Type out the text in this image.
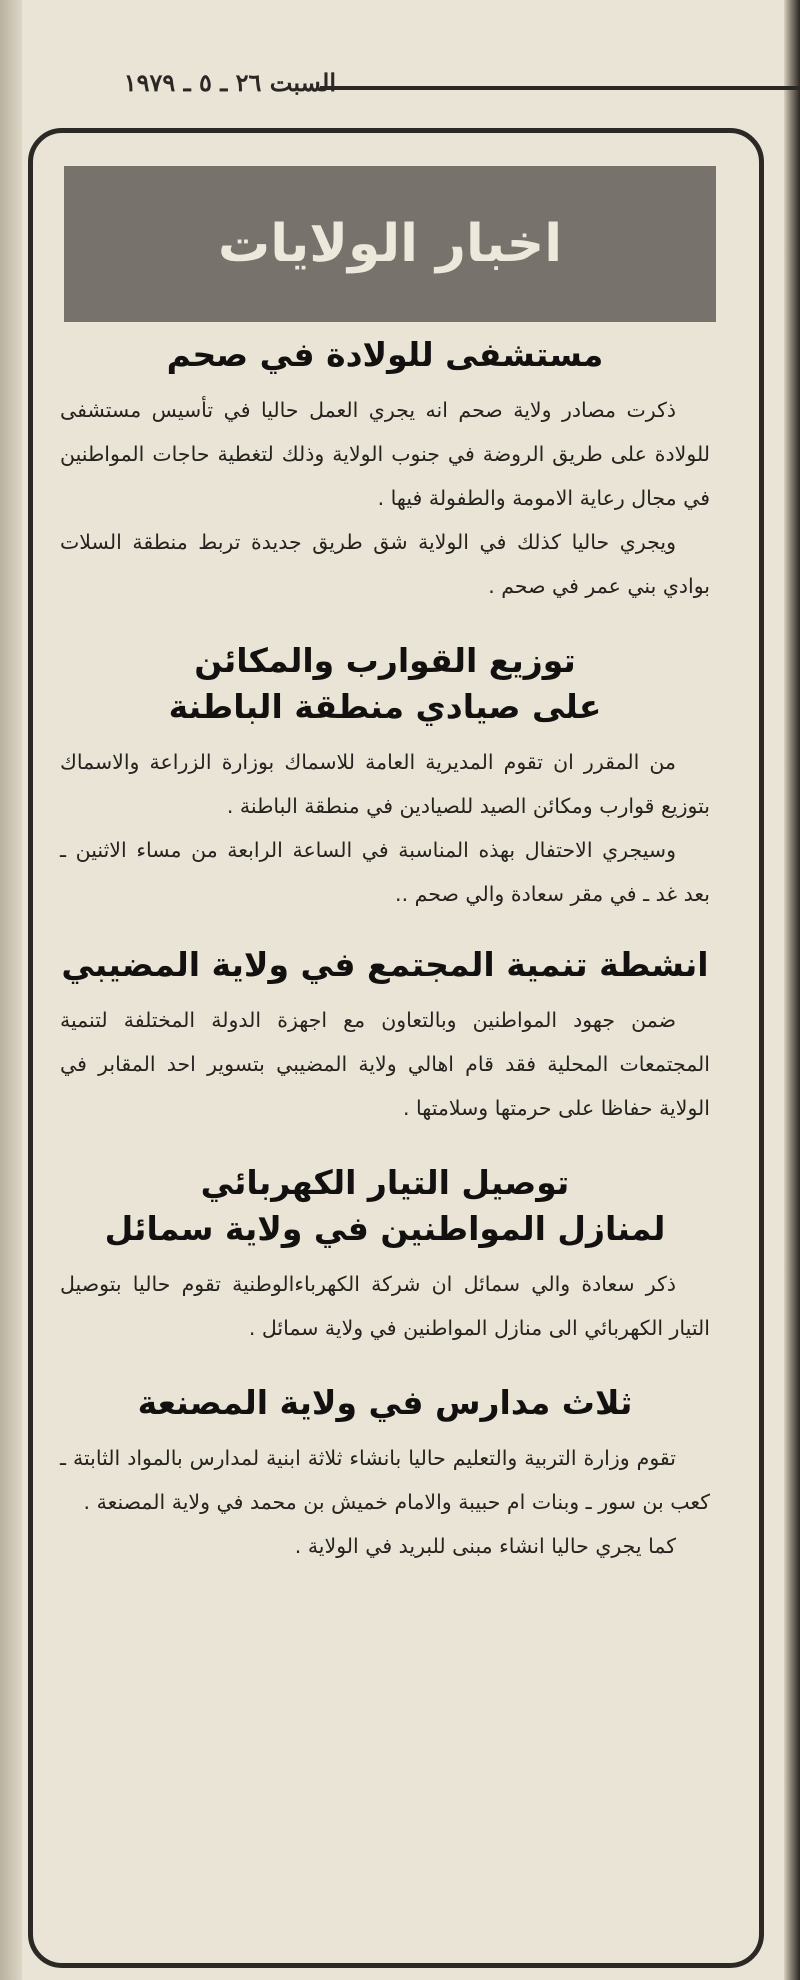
السبت ٢٦ ـ ٥ ـ ١٩٧٩
اخبار الولايات
مستشفى للولادة في صحم

ذكرت مصادر ولاية صحم انه يجري العمل حاليا في تأسيس مستشفى للولادة على طريق الروضة في جنوب الولاية وذلك لتغطية حاجات المواطنين في مجال رعاية الامومة والطفولة فيها .

ويجري حاليا كذلك في الولاية شق طريق جديدة تربط منطقة السلات بوادي بني عمر في صحم .

توزيع القوارب والمكائن
على صيادي منطقة الباطنة

من المقرر ان تقوم المديرية العامة للاسماك بوزارة الزراعة والاسماك بتوزيع قوارب ومكائن الصيد للصيادين في منطقة الباطنة .

وسيجري الاحتفال بهذه المناسبة في الساعة الرابعة من مساء الاثنين ـ بعد غد ـ في مقر سعادة والي صحم ..

انشطة تنمية المجتمع في ولاية المضيبي

ضمن جهود المواطنين وبالتعاون مع اجهزة الدولة المختلفة لتنمية المجتمعات المحلية فقد قام اهالي ولاية المضيبي بتسوير احد المقابر في الولاية حفاظا على حرمتها وسلامتها .

توصيل التيار الكهربائي
لمنازل المواطنين في ولاية سمائل

ذكر سعادة والي سمائل ان شركة الكهرباءالوطنية تقوم حاليا بتوصيل التيار الكهربائي الى منازل المواطنين في ولاية سمائل .

ثلاث مدارس في ولاية المصنعة

تقوم وزارة التربية والتعليم حاليا بانشاء ثلاثة ابنية لمدارس بالمواد الثابتة ـ كعب بن سور ـ وبنات ام حبيبة والامام خميش بن محمد في ولاية المصنعة .

كما يجري حاليا انشاء مبنى للبريد في الولاية .
